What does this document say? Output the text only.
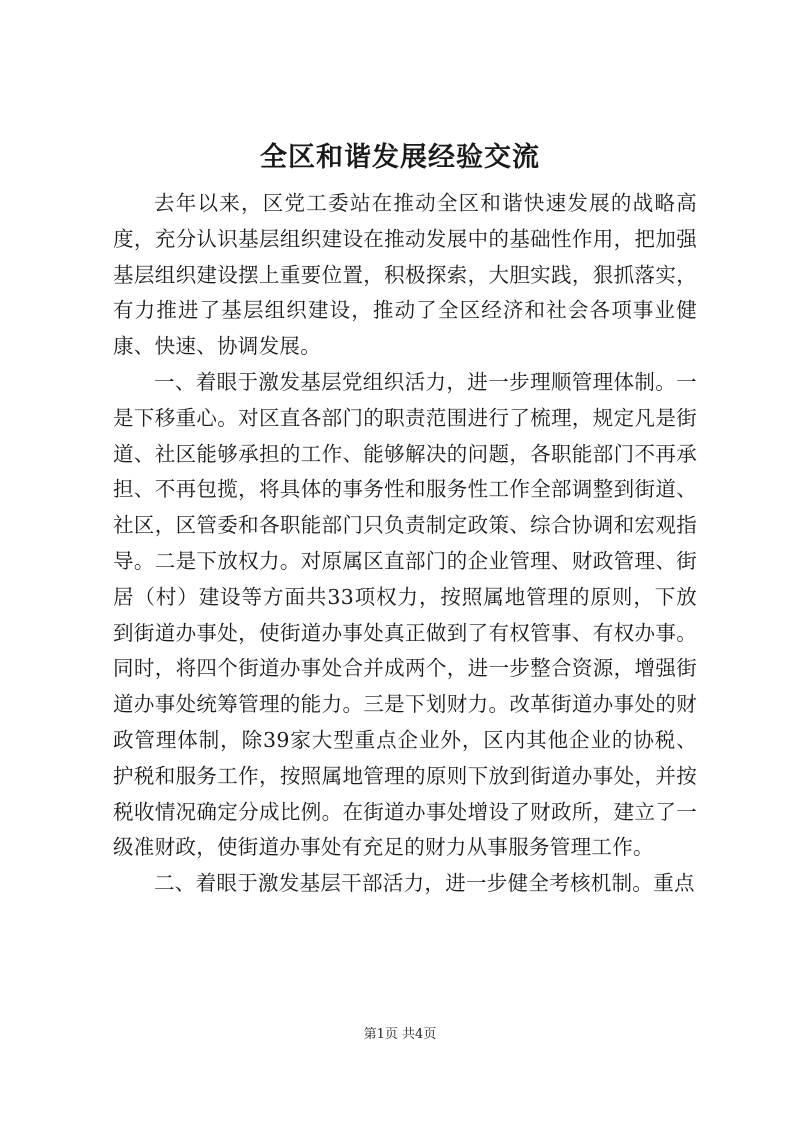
全区和谐发展经验交流

去年以来，区党工委站在推动全区和谐快速发展的战略高度，充分认识基层组织建设在推动发展中的基础性作用，把加强基层组织建设摆上重要位置，积极探索，大胆实践，狠抓落实，有力推进了基层组织建设，推动了全区经济和社会各项事业健康、快速、协调发展。

一、着眼于激发基层党组织活力，进一步理顺管理体制。一是下移重心。对区直各部门的职责范围进行了梳理，规定凡是街道、社区能够承担的工作、能够解决的问题，各职能部门不再承担、不再包揽，将具体的事务性和服务性工作全部调整到街道、社区，区管委和各职能部门只负责制定政策、综合协调和宏观指导。二是下放权力。对原属区直部门的企业管理、财政管理、街居（村）建设等方面共33项权力，按照属地管理的原则，下放到街道办事处，使街道办事处真正做到了有权管事、有权办事。同时，将四个街道办事处合并成两个，进一步整合资源，增强街道办事处统筹管理的能力。三是下划财力。改革街道办事处的财政管理体制，除39家大型重点企业外，区内其他企业的协税、护税和服务工作，按照属地管理的原则下放到街道办事处，并按税收情况确定分成比例。在街道办事处增设了财政所，建立了一级准财政，使街道办事处有充足的财力从事服务管理工作。

二、着眼于激发基层干部活力，进一步健全考核机制。重点

第1页 共4页
